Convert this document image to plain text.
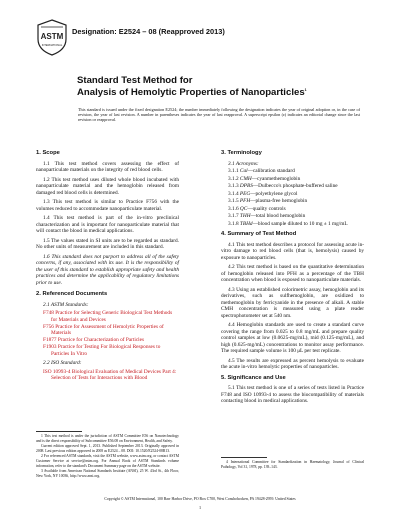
ASTM
INTERNATIONAL
Designation: E2524 – 08 (Reapproved 2013)
Standard Test Method for
Analysis of Hemolytic Properties of Nanoparticles$^1$
This standard is issued under the fixed designation E2524; the number immediately following the designation indicates the year of original adoption or, in the case of revision, the year of last revision. A number in parentheses indicates the year of last reapproval. A superscript epsilon (ε) indicates an editorial change since the last revision or reapproval.
1. Scope

1.1 This test method covers assessing the effect of nanoparticulate materials on the integrity of red blood cells.

1.2 This test method uses diluted whole blood incubated with nanoparticulate material and the hemoglobin released from damaged red blood cells is determined.

1.3 This test method is similar to Practice F756 with the volumes reduced to accommodate nanoparticulate material.

1.4 This test method is part of the in-vitro preclinical characterization and is important for nanoparticulate material that will contact the blood in medical applications.

1.5 The values stated in SI units are to be regarded as standard. No other units of measurement are included in this standard.

1.6 This standard does not purport to address all of the safety concerns, if any, associated with its use. It is the responsibility of the user of this standard to establish appropriate safety and health practices and determine the applicability of regulatory limitations prior to use.

2. Referenced Documents
2.1 ASTM Standards:
F748 Practice for Selecting Generic Biological Test Methods for Materials and Devices
F756 Practice for Assessment of Hemolytic Properties of Materials
F1877 Practice for Characterization of Particles
F1903 Practice for Testing For Biological Responses to Particles In Vitro
2.2 ISO Standard:
ISO 10993-4 Biological Evaluation of Medical Devices Part 4: Selection of Tests for Interactions with Blood
3. Terminology
3.1 Acronyms:
3.1.1 Cal—calibration standard
3.1.2 CMH—cyanmethemoglobin
3.1.3 DPBS—Dulbecco's phosphate-buffered saline
3.1.4 PEG—polyethylene glycol
3.1.5 PFH—plasma-free hemoglobin
3.1.6 QC—quality controls
3.1.7 THH—total blood hemoglobin
3.1.8 TBHd—blood sample diluted to 10 mg ± 1 mg/mL
4. Summary of Test Method

4.1 This test method describes a protocol for assessing acute in-vitro damage to red blood cells (that is, hemolysis) caused by exposure to nanoparticles.

4.2 This test method is based on the quantitative determination of hemoglobin released into PFH as a percentage of the TBH concentration when blood is exposed to nanoparticulate materials.

4.3 Using an established colorimetric assay, hemoglobin and its derivatives, such as sulfhemoglobin, are oxidized to methemoglobin by ferricyanide in the presence of alkali. A stable CMH concentration is measured using a plate reader spectrophotometer set at 540 nm.

4.4 Hemoglobin standards are used to create a standard curve covering the range from 0.025 to 0.8 mg/mL and prepare quality control samples at low (0.0625-mg/mL), mid (0.125-mg/mL), and high (0.625-mg/mL) concentrations to monitor assay performance. The required sample volume is 100 μL per test replicate.

4.5 The results are expressed as percent hemolysis to evaluate the acute in-vitro hemolytic properties of nanoparticles.

5. Significance and Use

5.1 This test method is one of a series of tests listed in Practice F748 and ISO 10993-4 to assess the biocompatibility of materials contacting blood in medical applications.

1 This test method is under the jurisdiction of ASTM Committee E56 on Nanotechnology and is the direct responsibility of Subcommittee E56.08 on Environment, Health, and Safety.

Current edition approved Sept. 1, 2013. Published September 2013. Originally approved in 2008. Last previous edition approved in 2008 as E2524 – 08. DOI: 10.1520/E2524-08R13.

2 For referenced ASTM standards, visit the ASTM website, www.astm.org, or contact ASTM Customer Service at service@astm.org. For Annual Book of ASTM Standards volume information, refer to the standard's Document Summary page on the ASTM website.

3 Available from American National Standards Institute (ANSI), 25 W. 43rd St., 4th Floor, New York, NY 10036, http://www.ansi.org.

4 International Committee for Standardization in Haematology, Journal of Clinical Pathology, Vol 31, 1978, pp. 139–143.

Copyright © ASTM International, 100 Barr Harbor Drive, PO Box C700, West Conshohocken, PA 19428-2959. United States
1
